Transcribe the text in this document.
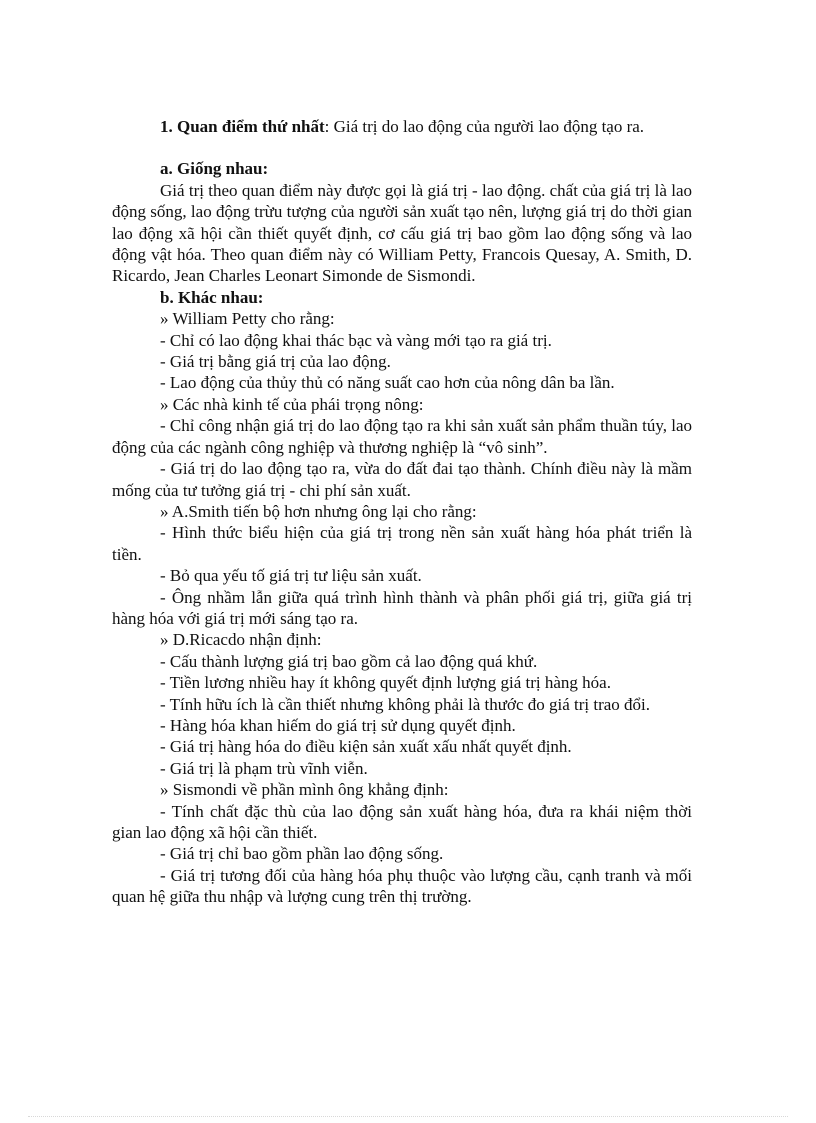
1. Quan điểm thứ nhất: Giá trị do lao động của người lao động tạo ra.

a. Giống nhau:

Giá trị theo quan điểm này được gọi là giá trị - lao động. chất của giá trị là lao động sống, lao động trừu tượng của người sản xuất tạo nên, lượng giá trị do thời gian lao động xã hội cần thiết quyết định, cơ cấu giá trị bao gồm lao động sống và lao động vật hóa. Theo quan điểm này có William Petty, Francois Quesay, A. Smith, D. Ricardo, Jean Charles Leonart Simonde de Sismondi.

b. Khác nhau:

» William Petty cho rằng:

- Chỉ có lao động khai thác bạc và vàng mới tạo ra giá trị.

- Giá trị bằng giá trị của lao động.

- Lao động của thủy thủ có năng suất cao hơn của nông dân ba lần.

» Các nhà kinh tế của phái trọng nông:

- Chỉ công nhận giá trị do lao động tạo ra khi sản xuất sản phẩm thuần túy, lao động của các ngành công nghiệp và thương nghiệp là “vô sinh”.

- Giá trị do lao động tạo ra, vừa do đất đai tạo thành. Chính điều này là mầm mống của tư tưởng giá trị - chi phí sản xuất.

» A.Smith tiến bộ hơn nhưng ông lại cho rằng:

- Hình thức biểu hiện của giá trị trong nền sản xuất hàng hóa phát triển là tiền.

- Bỏ qua yếu tố giá trị tư liệu sản xuất.

- Ông nhầm lẫn giữa quá trình hình thành và phân phối giá trị, giữa giá trị hàng hóa với giá trị mới sáng tạo ra.

» D.Ricacdo nhận định:

- Cấu thành lượng giá trị bao gồm cả lao động quá khứ.

- Tiền lương nhiều hay ít không quyết định lượng giá trị hàng hóa.

- Tính hữu ích là cần thiết nhưng không phải là thước đo giá trị trao đổi.

- Hàng hóa khan hiếm do giá trị sử dụng quyết định.

- Giá trị hàng hóa do điều kiện sản xuất xấu nhất quyết định.

- Giá trị là phạm trù vĩnh viễn.

» Sismondi về phần mình ông khẳng định:

- Tính chất đặc thù của lao động sản xuất hàng hóa, đưa ra khái niệm thời gian lao động xã hội cần thiết.

- Giá trị chỉ bao gồm phần lao động sống.

- Giá trị tương đối của hàng hóa phụ thuộc vào lượng cầu, cạnh tranh và mối quan hệ giữa thu nhập và lượng cung trên thị trường.
